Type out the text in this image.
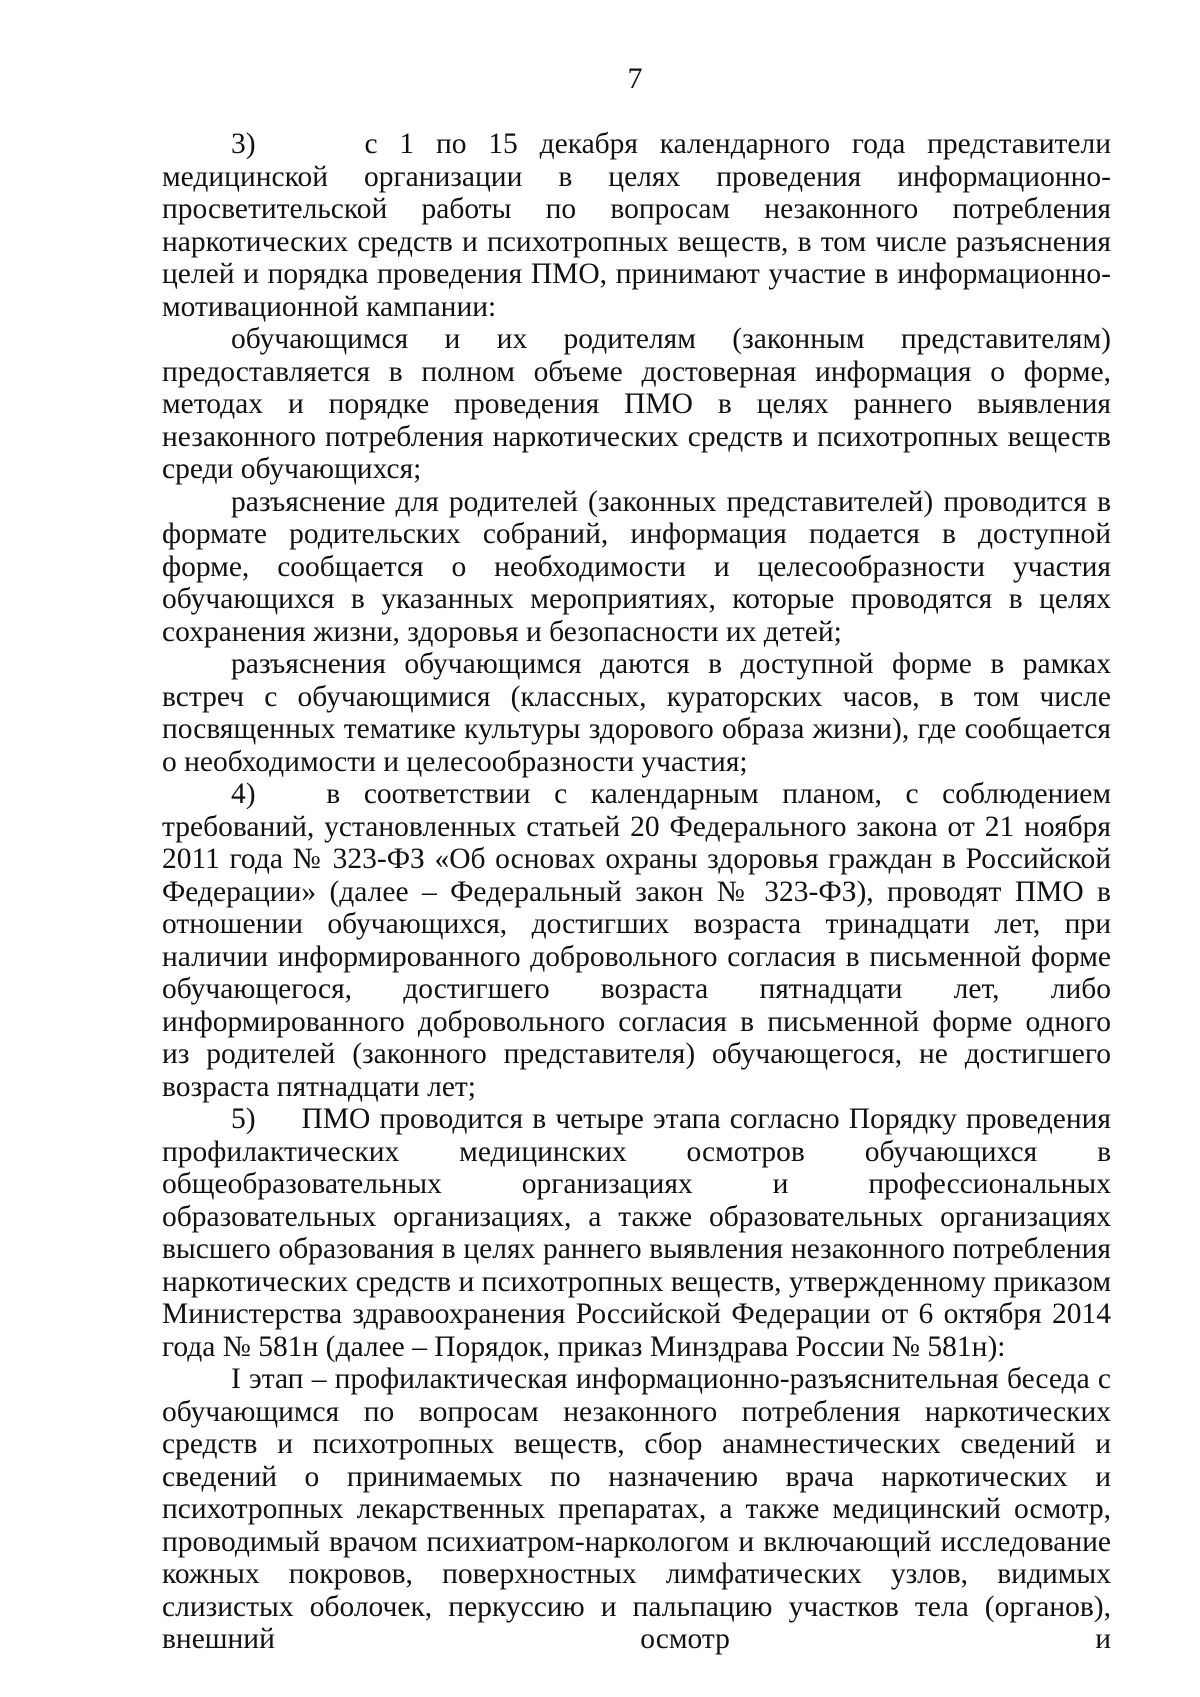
7

3)     с 1 по 15 декабря календарного года представители медицинской организации в целях проведения информационно-просветительской работы по вопросам незаконного потребления наркотических средств и психотропных веществ, в том числе разъяснения целей и порядка проведения ПМО, принимают участие в информационно-мотивационной кампании:

обучающимся и их родителям (законным представителям) предоставляется в полном объеме достоверная информация о форме, методах и порядке проведения ПМО в целях раннего выявления незаконного потребления наркотических средств и психотропных веществ среди обучающихся;

разъяснение для родителей (законных представителей) проводится в формате родительских собраний, информация подается в доступной форме, сообщается о необходимости и целесообразности участия обучающихся в указанных мероприятиях, которые проводятся в целях сохранения жизни, здоровья и безопасности их детей;

разъяснения обучающимся даются в доступной форме в рамках встреч с обучающимися (классных, кураторских часов, в том числе посвященных тематике культуры здорового образа жизни), где сообщается о необходимости и целесообразности участия;

4)   в соответствии с календарным планом, с соблюдением требований, установленных статьей 20 Федерального закона от 21 ноября 2011 года № 323-ФЗ «Об основах охраны здоровья граждан в Российской Федерации» (далее – Федеральный закон № 323-ФЗ), проводят ПМО в отношении обучающихся, достигших возраста тринадцати лет, при наличии информированного добровольного согласия в письменной форме обучающегося, достигшего возраста пятнадцати лет, либо информированного добровольного согласия в письменной форме одного из родителей (законного представителя) обучающегося, не достигшего возраста пятнадцати лет;

5)     ПМО проводится в четыре этапа согласно Порядку проведения профилактических медицинских осмотров обучающихся в общеобразовательных организациях и профессиональных образовательных организациях, а также образовательных организациях высшего образования в целях раннего выявления незаконного потребления наркотических средств и психотропных веществ, утвержденному приказом Министерства здравоохранения Российской Федерации от 6 октября 2014 года № 581н (далее – Порядок, приказ Минздрава России № 581н):

I этап – профилактическая информационно-разъяснительная беседа с обучающимся по вопросам незаконного потребления наркотических средств и психотропных веществ, сбор анамнестических сведений и сведений о принимаемых по назначению врача наркотических и психотропных лекарственных препаратах, а также медицинский осмотр, проводимый врачом психиатром-наркологом и включающий исследование кожных покровов, поверхностных лимфатических узлов, видимых слизистых оболочек, перкуссию и пальпацию участков тела (органов), внешний осмотр и
